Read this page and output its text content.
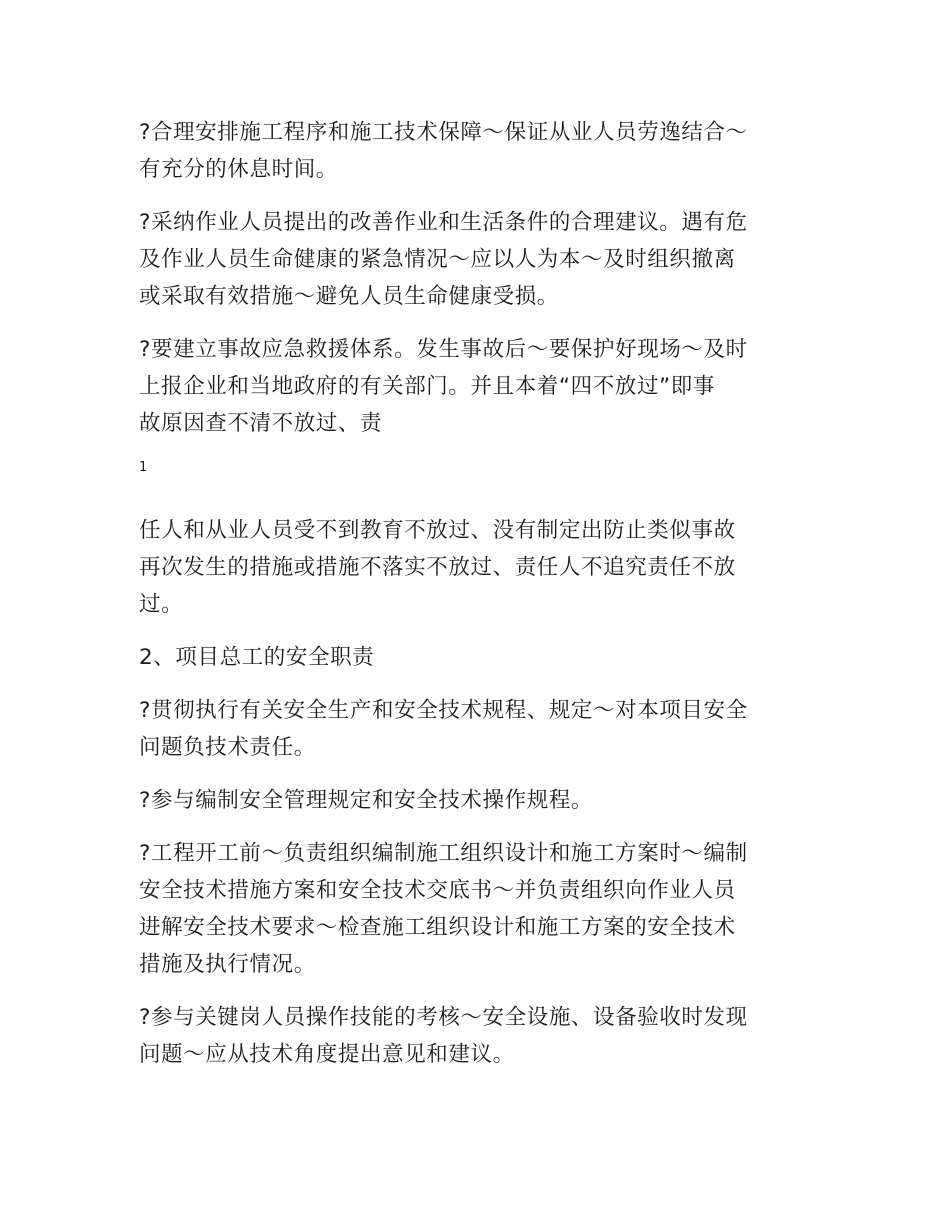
?合理安排施工程序和施工技术保障～保证从业人员劳逸结合～
有充分的休息时间。

?采纳作业人员提出的改善作业和生活条件的合理建议。遇有危
及作业人员生命健康的紧急情况～应以人为本～及时组织撤离
或采取有效措施～避免人员生命健康受损。

?要建立事故应急救援体系。发生事故后～要保护好现场～及时
上报企业和当地政府的有关部门。并且本着“四不放过”即事
故原因查不清不放过、责

1

任人和从业人员受不到教育不放过、没有制定出防止类似事故
再次发生的措施或措施不落实不放过、责任人不追究责任不放
过。

2、项目总工的安全职责

?贯彻执行有关安全生产和安全技术规程、规定～对本项目安全
问题负技术责任。

?参与编制安全管理规定和安全技术操作规程。

?工程开工前～负责组织编制施工组织设计和施工方案时～编制
安全技术措施方案和安全技术交底书～并负责组织向作业人员
进解安全技术要求～检查施工组织设计和施工方案的安全技术
措施及执行情况。

?参与关键岗人员操作技能的考核～安全设施、设备验收时发现
问题～应从技术角度提出意见和建议。
